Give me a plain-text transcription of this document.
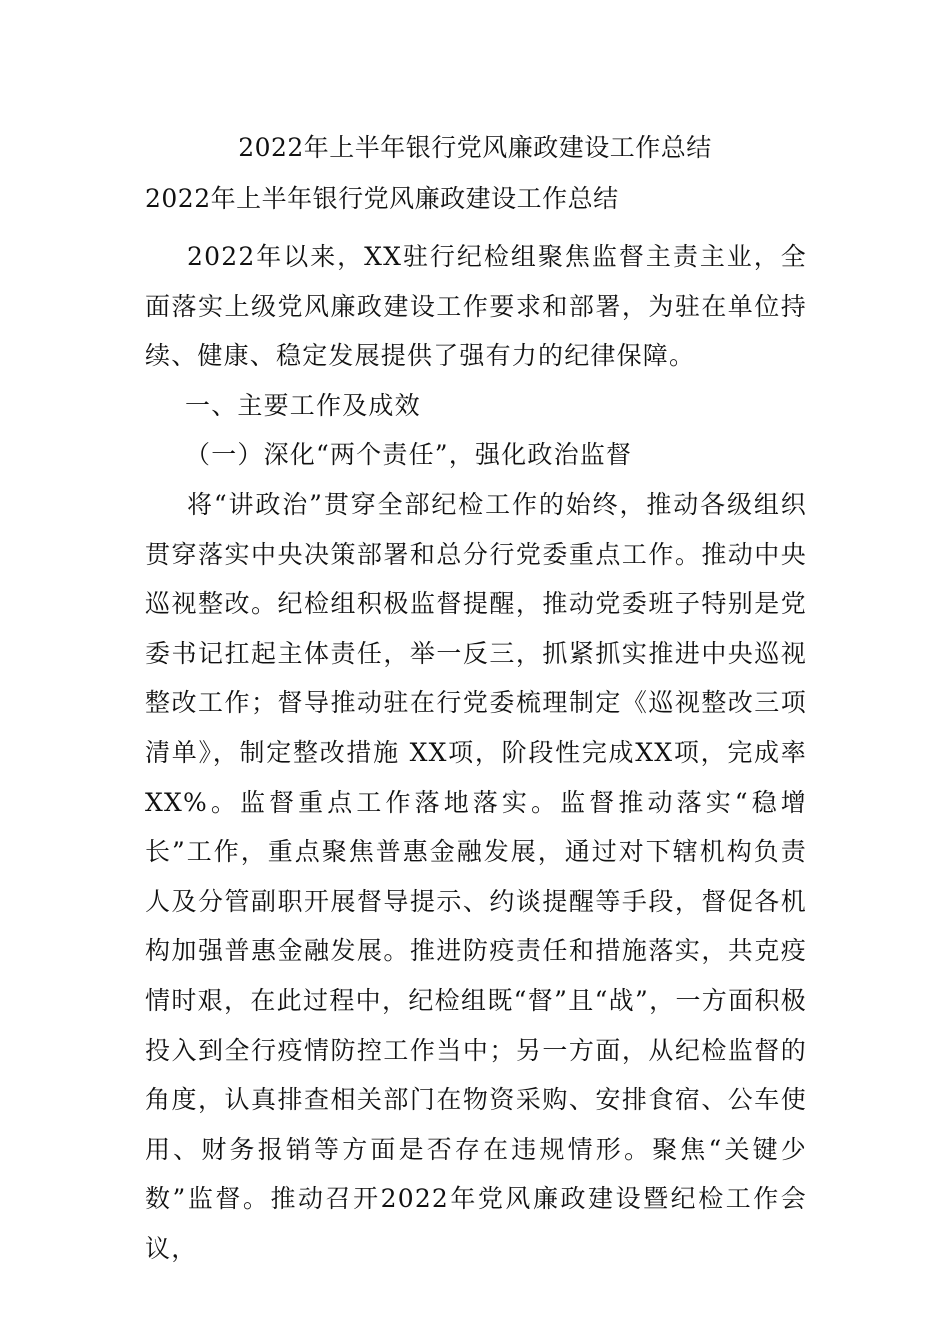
2022年上半年银行党风廉政建设工作总结
2022年上半年银行党风廉政建设工作总结

2022年以来，XX驻行纪检组聚焦监督主责主业，全面落实上级党风廉政建设工作要求和部署，为驻在单位持续、健康、稳定发展提供了强有力的纪律保障。

一、主要工作及成效

（一）深化“两个责任”，强化政治监督

将“讲政治”贯穿全部纪检工作的始终，推动各级组织贯穿落实中央决策部署和总分行党委重点工作。推动中央巡视整改。纪检组积极监督提醒，推动党委班子特别是党委书记扛起主体责任，举一反三，抓紧抓实推进中央巡视整改工作；督导推动驻在行党委梳理制定《巡视整改三项清单》，制定整改措施 XX项，阶段性完成XX项，完成率XX%。监督重点工作落地落实。监督推动落实“稳增长”工作，重点聚焦普惠金融发展，通过对下辖机构负责人及分管副职开展督导提示、约谈提醒等手段，督促各机构加强普惠金融发展。推进防疫责任和措施落实，共克疫情时艰，在此过程中，纪检组既“督”且“战”，一方面积极投入到全行疫情防控工作当中；另一方面，从纪检监督的角度，认真排查相关部门在物资采购、安排食宿、公车使用、财务报销等方面是否存在违规情形。聚焦“关键少数”监督。推动召开2022年党风廉政建设暨纪检工作会议，
